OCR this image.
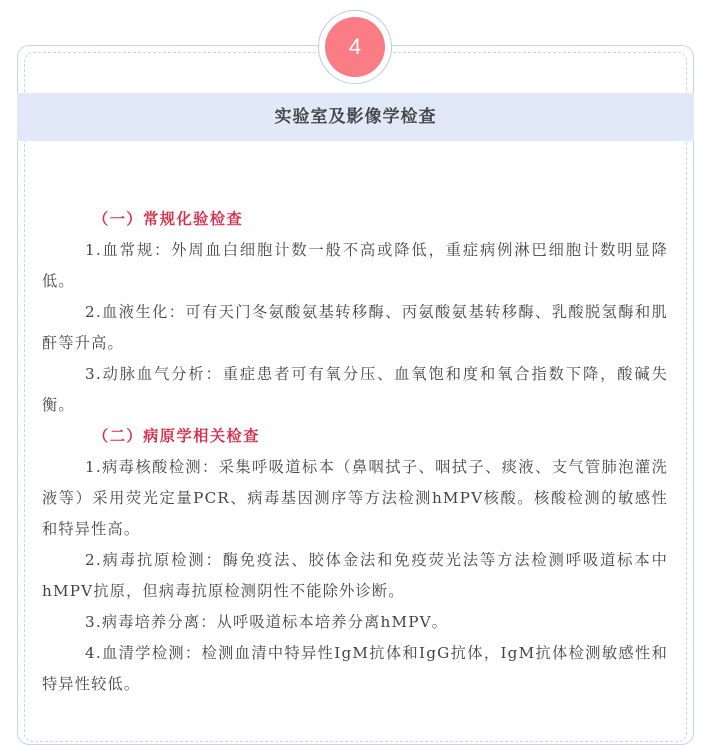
4
实验室及影像学检查

（一）常规化验检查

1.血常规：外周血白细胞计数一般不高或降低，重症病例淋巴细胞计数明显降低。

2.血液生化：可有天门冬氨酸氨基转移酶、丙氨酸氨基转移酶、乳酸脱氢酶和肌酐等升高。

3.动脉血气分析：重症患者可有氧分压、血氧饱和度和氧合指数下降，酸碱失衡。

（二）病原学相关检查

1.病毒核酸检测：采集呼吸道标本（鼻咽拭子、咽拭子、痰液、支气管肺泡灌洗液等）采用荧光定量PCR、病毒基因测序等方法检测hMPV核酸。核酸检测的敏感性和特异性高。

2.病毒抗原检测：酶免疫法、胶体金法和免疫荧光法等方法检测呼吸道标本中hMPV抗原，但病毒抗原检测阴性不能除外诊断。

3.病毒培养分离：从呼吸道标本培养分离hMPV。

4.血清学检测：检测血清中特异性IgM抗体和IgG抗体，IgM抗体检测敏感性和特异性较低。
